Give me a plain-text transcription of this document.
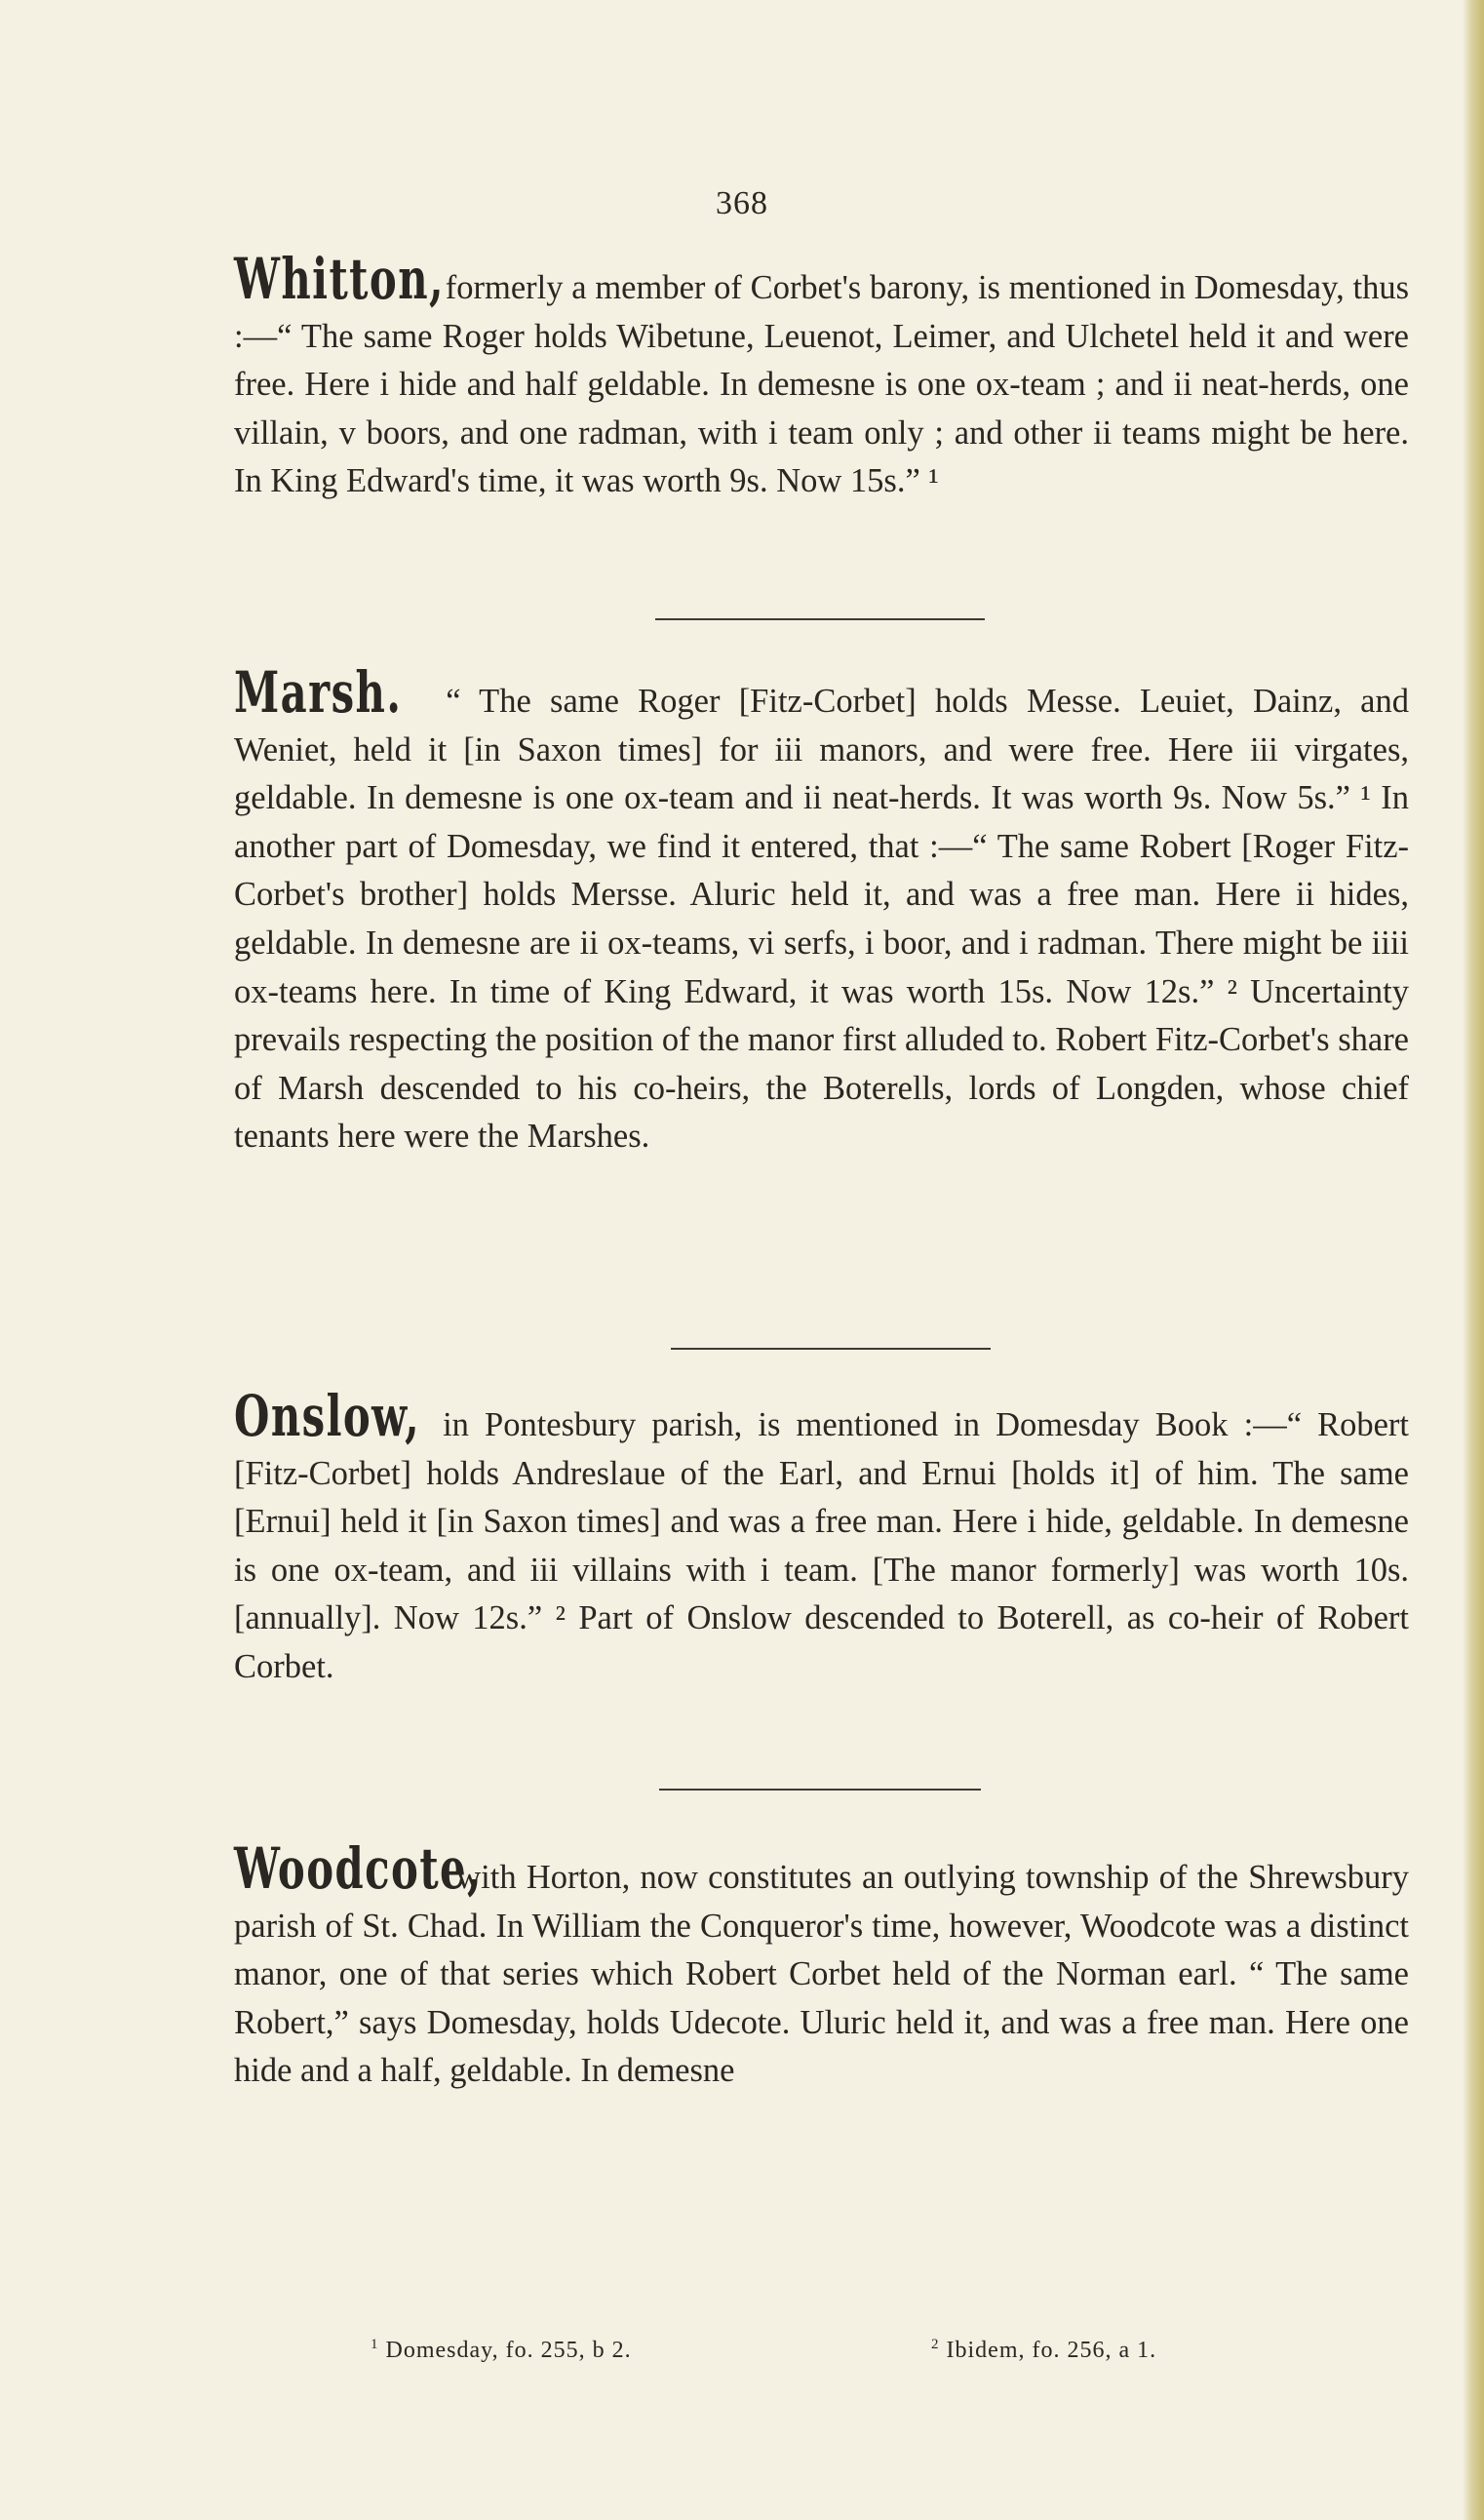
368
Whitton, formerly a member of Corbet's barony, is mentioned in Domesday, thus :—“ The same Roger holds Wibetune, Leuenot, Leimer, and Ulchetel held it and were free. Here i hide and half geldable. In demesne is one ox-team ; and ii neat-herds, one villain, v boors, and one radman, with i team only ; and other ii teams might be here. In King Edward's time, it was worth 9s. Now 15s.” ¹
Marsh. “ The same Roger [Fitz-Corbet] holds Messe. Leuiet, Dainz, and Weniet, held it [in Saxon times] for iii manors, and were free. Here iii virgates, geldable. In demesne is one ox-team and ii neat-herds. It was worth 9s. Now 5s.” ¹ In another part of Domesday, we find it entered, that :—“ The same Robert [Roger Fitz-Corbet's brother] holds Mersse. Aluric held it, and was a free man. Here ii hides, geldable. In demesne are ii ox-teams, vi serfs, i boor, and i radman. There might be iiii ox-teams here. In time of King Edward, it was worth 15s. Now 12s.” ² Uncertainty prevails respecting the position of the manor first alluded to. Robert Fitz-Corbet's share of Marsh descended to his co-heirs, the Boterells, lords of Longden, whose chief tenants here were the Marshes.
Onslow, in Pontesbury parish, is mentioned in Domesday Book :—“ Robert [Fitz-Corbet] holds Andreslaue of the Earl, and Ernui [holds it] of him. The same [Ernui] held it [in Saxon times] and was a free man. Here i hide, geldable. In demesne is one ox-team, and iii villains with i team. [The manor formerly] was worth 10s. [annually]. Now 12s.” ² Part of Onslow descended to Boterell, as co-heir of Robert Corbet.
Woodcote, with Horton, now constitutes an outlying township of the Shrewsbury parish of St. Chad. In William the Conqueror's time, however, Woodcote was a distinct manor, one of that series which Robert Corbet held of the Norman earl. “ The same Robert,” says Domesday, holds Udecote. Uluric held it, and was a free man. Here one hide and a half, geldable. In demesne
$^1$ Domesday, fo. 255, b 2.	$^2$ Ibidem, fo. 256, a 1.
